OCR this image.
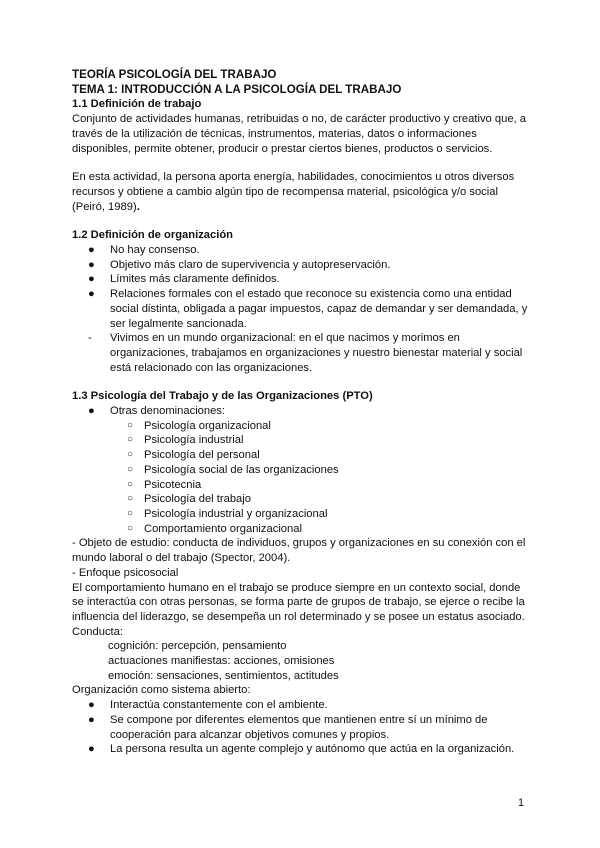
TEORÍA PSICOLOGÍA DEL TRABAJO

TEMA 1: INTRODUCCIÓN A LA PSICOLOGÍA DEL TRABAJO

1.1 Definición de trabajo

Conjunto de actividades humanas, retribuidas o no, de carácter productivo y creativo que, a través de la utilización de técnicas, instrumentos, materias, datos o informaciones disponibles, permite obtener, producir o prestar ciertos bienes, productos o servicios.

En esta actividad, la persona aporta energía, habilidades, conocimientos u otros diversos recursos y obtiene a cambio algún tipo de recompensa material, psicológica y/o social (Peiró, 1989).

1.2 Definición de organización

● No hay consenso.
● Objetivo más claro de supervivencia y autopreservación.
● Límites más claramente definidos.
● Relaciones formales con el estado que reconoce su existencia como una entidad social distinta, obligada a pagar impuestos, capaz de demandar y ser demandada, y ser legalmente sancionada.
- Vivimos en un mundo organizacional: en el que nacimos y morimos en organizaciones, trabajamos en organizaciones y nuestro bienestar material y social está relacionado con las organizaciones.

1.3 Psicología del Trabajo y de las Organizaciones (PTO)

● Otras denominaciones:
○ Psicología organizacional
○ Psicología industrial
○ Psicología del personal
○ Psicología social de las organizaciones
○ Psicotecnia
○ Psicología del trabajo
○ Psicología industrial y organizacional
○ Comportamiento organizacional

- Objeto de estudio: conducta de individuos, grupos y organizaciones en su conexión con el mundo laboral o del trabajo (Spector, 2004).

- Enfoque psicosocial

El comportamiento humano en el trabajo se produce siempre en un contexto social, donde se interactúa con otras personas, se forma parte de grupos de trabajo, se ejerce o recibe la influencia del liderazgo, se desempeña un rol determinado y se posee un estatus asociado.

Conducta:

cognición: percepción, pensamiento

actuaciones manifiestas: acciones, omisiones

emoción: sensaciones, sentimientos, actitudes

Organización como sistema abierto:

● Interactúa constantemente con el ambiente.
● Se compone por diferentes elementos que mantienen entre sí un mínimo de cooperación para alcanzar objetivos comunes y propios.
● La persona resulta un agente complejo y autónomo que actúa en la organización.
1
